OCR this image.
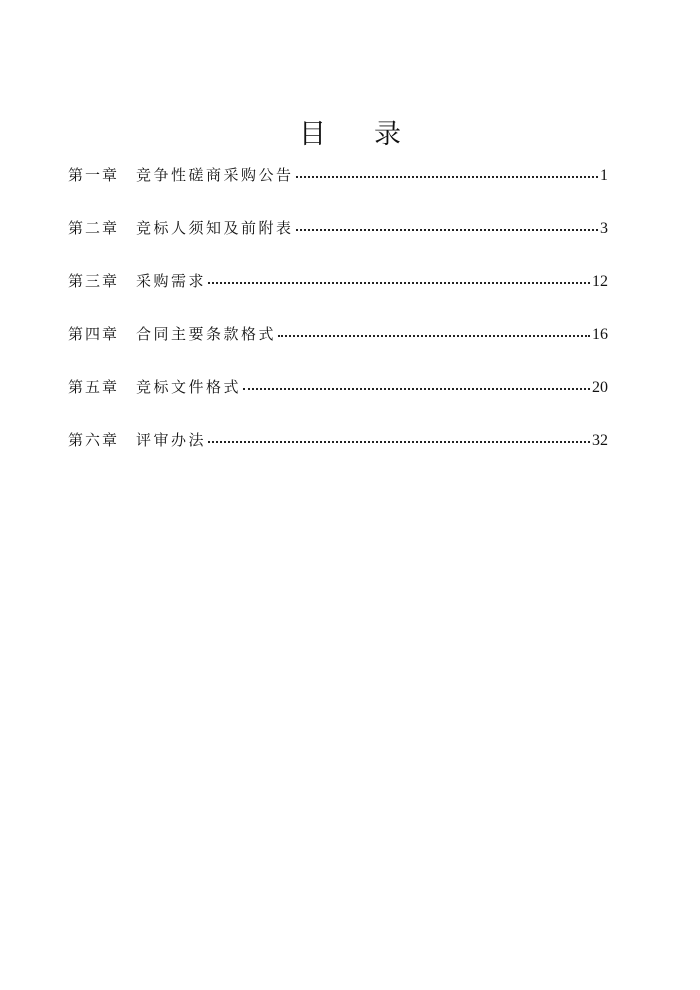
目 录
第一章	竞争性磋商采购公告	1
第二章	竞标人须知及前附表	3
第三章	采购需求	12
第四章	合同主要条款格式	16
第五章	竞标文件格式	20
第六章	评审办法	32
